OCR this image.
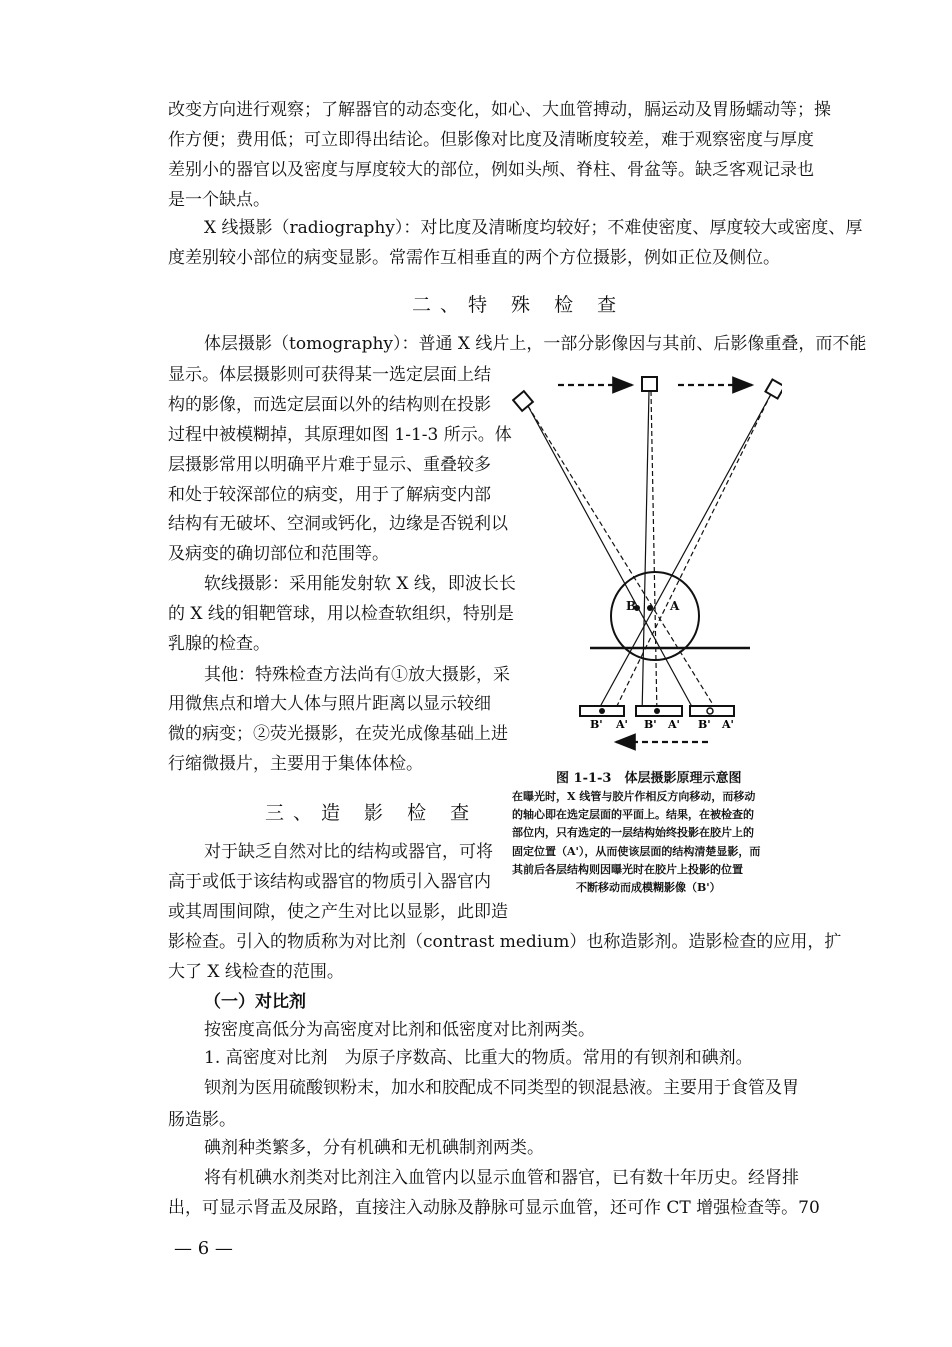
改变方向进行观察；了解器官的动态变化，如心、大血管搏动，膈运动及胃肠蠕动等；操
作方便；费用低；可立即得出结论。但影像对比度及清晰度较差，难于观察密度与厚度
差别小的器官以及密度与厚度较大的部位，例如头颅、脊柱、骨盆等。缺乏客观记录也
是一个缺点。
X 线摄影（radiography）：对比度及清晰度均较好；不难使密度、厚度较大或密度、厚
度差别较小部位的病变显影。常需作互相垂直的两个方位摄影，例如正位及侧位。
二、特 殊 检 查
体层摄影（tomography）：普通 X 线片上，一部分影像因与其前、后影像重叠，而不能
显示。体层摄影则可获得某一选定层面上结
构的影像，而选定层面以外的结构则在投影
过程中被模糊掉，其原理如图 1-1-3 所示。体
层摄影常用以明确平片难于显示、重叠较多
和处于较深部位的病变，用于了解病变内部
结构有无破坏、空洞或钙化，边缘是否锐利以
及病变的确切部位和范围等。
软线摄影：采用能发射软 X 线，即波长长
的 X 线的钼靶管球，用以检查软组织，特别是
乳腺的检查。
其他：特殊检查方法尚有①放大摄影，采
用微焦点和增大人体与照片距离以显示较细
微的病变；②荧光摄影，在荧光成像基础上进
行缩微摄片，主要用于集体体检。
三、造 影 检 查
对于缺乏自然对比的结构或器官，可将
高于或低于该结构或器官的物质引入器官内
或其周围间隙，使之产生对比以显影，此即造
影检查。引入的物质称为对比剂（contrast medium）也称造影剂。造影检查的应用，扩
大了 X 线检查的范围。
（一）对比剂
按密度高低分为高密度对比剂和低密度对比剂两类。
1. 高密度对比剂　为原子序数高、比重大的物质。常用的有钡剂和碘剂。
钡剂为医用硫酸钡粉末，加水和胶配成不同类型的钡混悬液。主要用于食管及胃
肠造影。
碘剂种类繁多，分有机碘和无机碘制剂两类。
将有机碘水剂类对比剂注入血管内以显示血管和器官，已有数十年历史。经肾排
出，可显示肾盂及尿路，直接注入动脉及静脉可显示血管，还可作 CT 增强检查等。70
B	A
B' A' B' A' B' A'
图 1-1-3　体层摄影原理示意图
在曝光时，X 线管与胶片作相反方向移动，而移动
的轴心即在选定层面的平面上。结果，在被检查的
部位内，只有选定的一层结构始终投影在胶片上的
固定位置（A'），从而使该层面的结构清楚显影，而
其前后各层结构则因曝光时在胶片上投影的位置
不断移动而成模糊影像（B'）
— 6 —
